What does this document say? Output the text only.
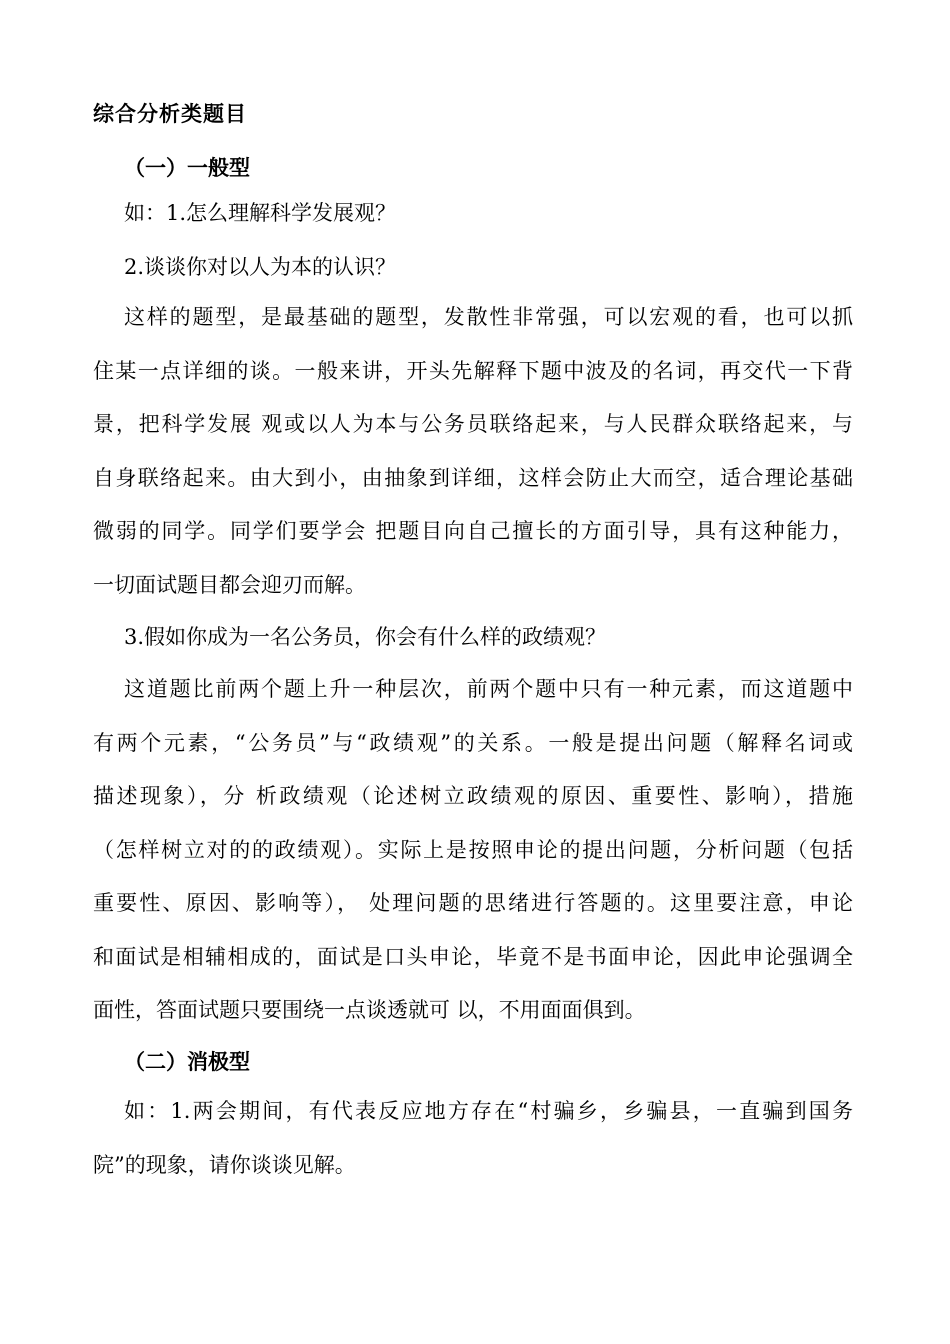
综合分析类题目
（一）一般型
如：1.怎么理解科学发展观？
2.谈谈你对以人为本的认识？
这样的题型，是最基础的题型，发散性非常强，可以宏观的看，也可以抓
住某一点详细的谈。一般来讲，开头先解释下题中波及的名词，再交代一下背
景，把科学发展 观或以人为本与公务员联络起来，与人民群众联络起来，与
自身联络起来。由大到小，由抽象到详细，这样会防止大而空，适合理论基础
微弱的同学。同学们要学会 把题目向自己擅长的方面引导，具有这种能力，
一切面试题目都会迎刃而解。
3.假如你成为一名公务员，你会有什么样的政绩观？
这道题比前两个题上升一种层次，前两个题中只有一种元素，而这道题中
有两个元素，“公务员”与“政绩观”的关系。一般是提出问题（解释名词或
描述现象），分 析政绩观（论述树立政绩观的原因、重要性、影响），措施
（怎样树立对的的政绩观）。实际上是按照申论的提出问题，分析问题（包括
重要性、原因、影响等）， 处理问题的思绪进行答题的。这里要注意，申论
和面试是相辅相成的，面试是口头申论，毕竟不是书面申论，因此申论强调全
面性，答面试题只要围绕一点谈透就可 以，不用面面俱到。
（二）消极型
如：1.两会期间，有代表反应地方存在“村骗乡，乡骗县，一直骗到国务
院”的现象，请你谈谈见解。
